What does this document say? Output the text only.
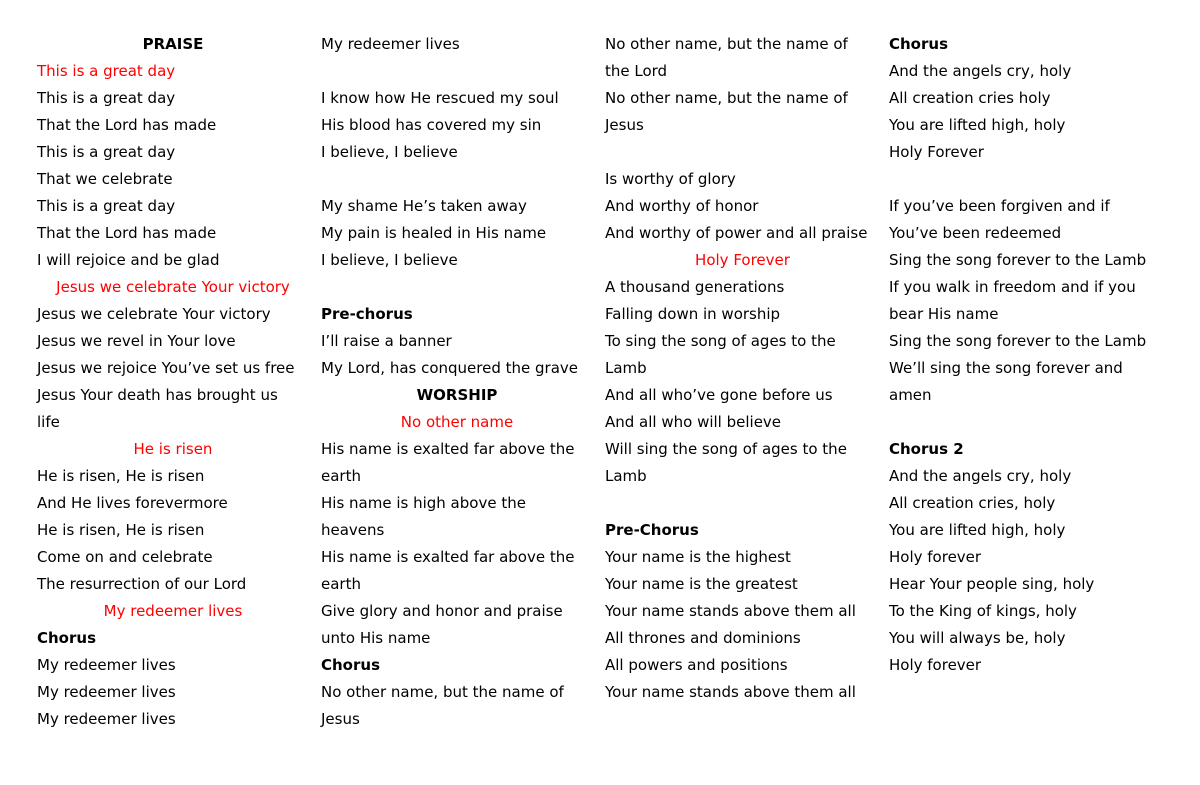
PRAISE
This is a great day
This is a great day
That the Lord has made
This is a great day
That we celebrate
This is a great day
That the Lord has made
I will rejoice and be glad
Jesus we celebrate Your victory
Jesus we celebrate Your victory
Jesus we revel in Your love
Jesus we rejoice You’ve set us free
Jesus Your death has brought us
life
He is risen
He is risen, He is risen
And He lives forevermore
He is risen, He is risen
Come on and celebrate
The resurrection of our Lord
My redeemer lives
Chorus
My redeemer lives
My redeemer lives
My redeemer lives
My redeemer lives
I know how He rescued my soul
His blood has covered my sin
I believe, I believe
My shame He’s taken away
My pain is healed in His name
I believe, I believe
Pre-chorus
I’ll raise a banner
My Lord, has conquered the grave
WORSHIP
No other name
His name is exalted far above the
earth
His name is high above the
heavens
His name is exalted far above the
earth
Give glory and honor and praise
unto His name
Chorus
No other name, but the name of
Jesus
No other name, but the name of
the Lord
No other name, but the name of
Jesus
Is worthy of glory
And worthy of honor
And worthy of power and all praise
Holy Forever
A thousand generations
Falling down in worship
To sing the song of ages to the
Lamb
And all who’ve gone before us
And all who will believe
Will sing the song of ages to the
Lamb
Pre-Chorus
Your name is the highest
Your name is the greatest
Your name stands above them all
All thrones and dominions
All powers and positions
Your name stands above them all
Chorus
And the angels cry, holy
All creation cries holy
You are lifted high, holy
Holy Forever
If you’ve been forgiven and if
You’ve been redeemed
Sing the song forever to the Lamb
If you walk in freedom and if you
bear His name
Sing the song forever to the Lamb
We’ll sing the song forever and
amen
Chorus 2
And the angels cry, holy
All creation cries, holy
You are lifted high, holy
Holy forever
Hear Your people sing, holy
To the King of kings, holy
You will always be, holy
Holy forever
